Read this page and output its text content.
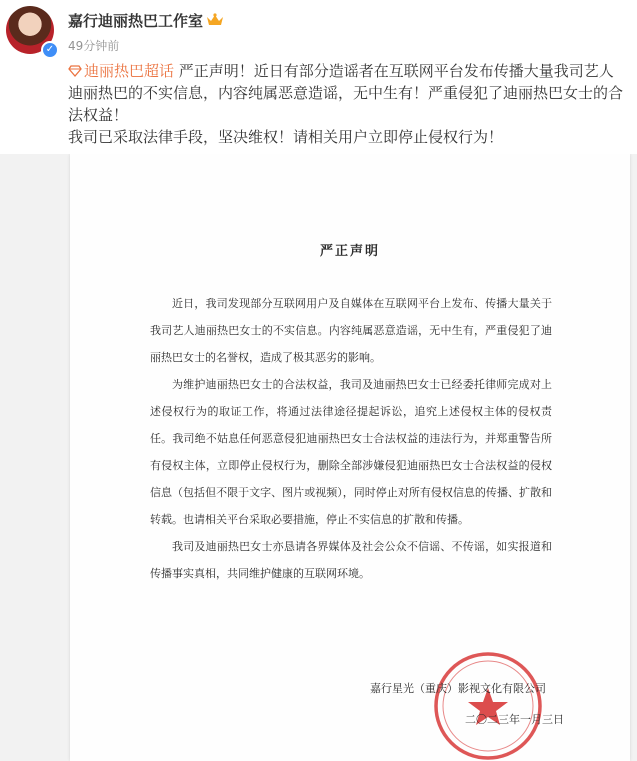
✓
嘉行迪丽热巴工作室
49分钟前

迪丽热巴超话 严正声明！近日有部分造谣者在互联网平台发布传播大量我司艺人迪丽热巴的不实信息，内容纯属恶意造谣，无中生有！严重侵犯了迪丽热巴女士的合法权益！

我司已采取法律手段，坚决维权！请相关用户立即停止侵权行为！

严正声明

近日，我司发现部分互联网用户及自媒体在互联网平台上发布、传播大量关于我司艺人迪丽热巴女士的不实信息。内容纯属恶意造谣，无中生有，严重侵犯了迪丽热巴女士的名誉权，造成了极其恶劣的影响。

为维护迪丽热巴女士的合法权益，我司及迪丽热巴女士已经委托律师完成对上述侵权行为的取证工作，将通过法律途径提起诉讼，追究上述侵权主体的侵权责任。我司绝不姑息任何恶意侵犯迪丽热巴女士合法权益的违法行为，并郑重警告所有侵权主体，立即停止侵权行为，删除全部涉嫌侵犯迪丽热巴女士合法权益的侵权信息（包括但不限于文字、图片或视频），同时停止对所有侵权信息的传播、扩散和转载。也请相关平台采取必要措施，停止不实信息的扩散和传播。

我司及迪丽热巴女士亦恳请各界媒体及社会公众不信谣、不传谣，如实报道和传播事实真相，共同维护健康的互联网环境。

嘉行星光（重庆）影视文化有限公司
二〇二三年一月三日
